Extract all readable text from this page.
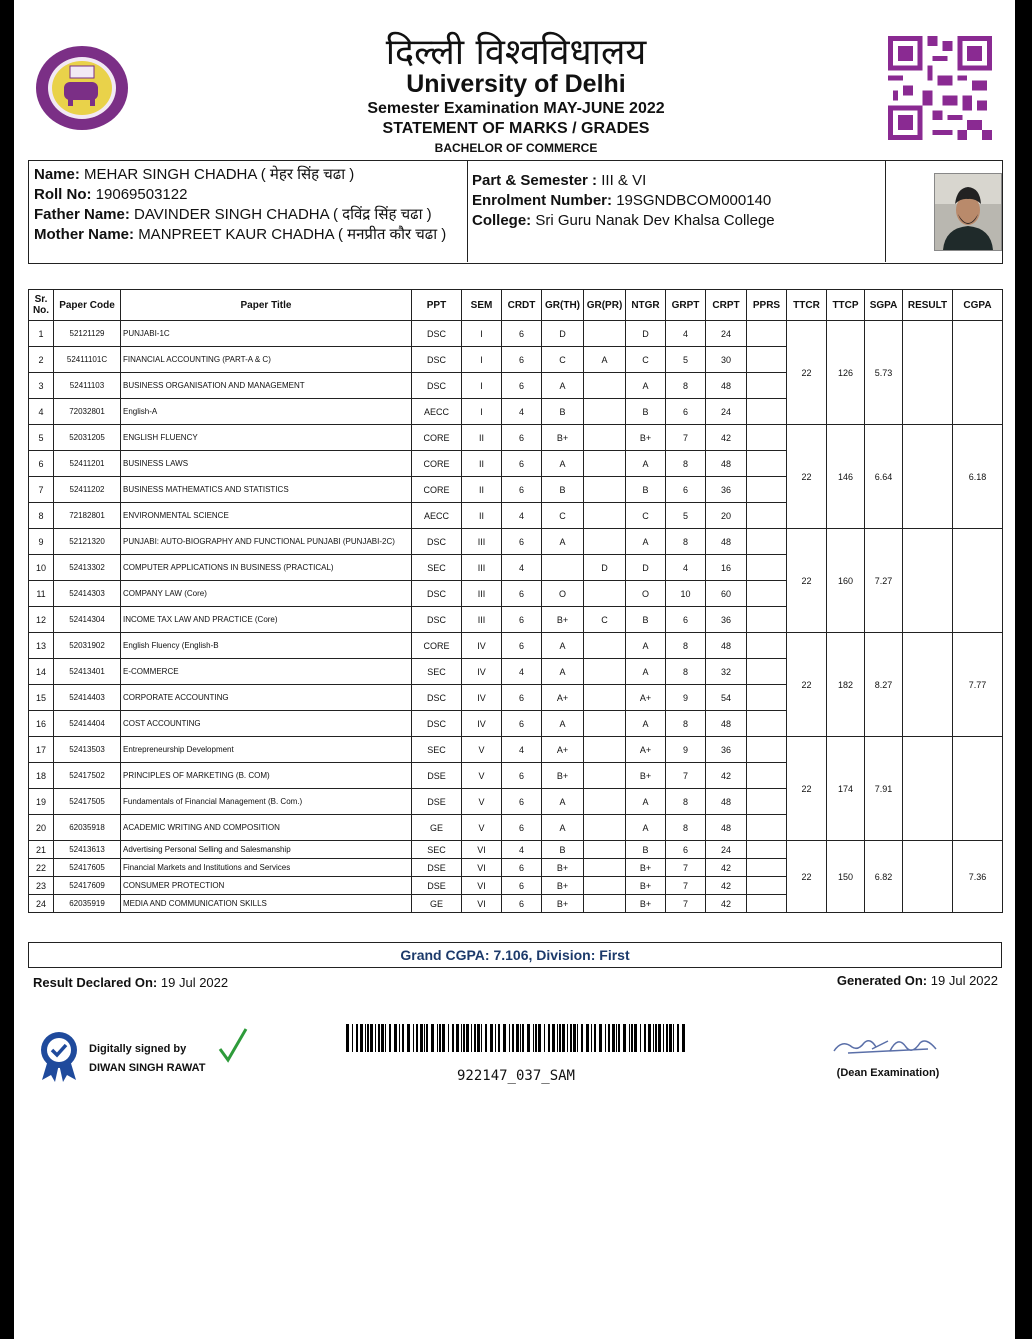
दिल्ली विश्वविधालय
University of Delhi
Semester Examination MAY-JUNE 2022
STATEMENT OF MARKS / GRADES
BACHELOR OF COMMERCE
Name: MEHAR SINGH CHADHA ( मेहर सिंह चढा )
Roll No: 19069503122
Father Name: DAVINDER SINGH CHADHA ( दविंद्र सिंह चढा )
Mother Name: MANPREET KAUR CHADHA ( मनप्रीत कौर चढा )
Part & Semester : III & VI
Enrolment Number: 19SGNDBCOM000140
College: Sri Guru Nanak Dev Khalsa College
Sr. No.	Paper Code	Paper Title	PPT	SEM	CRDT	GR(TH)	GR(PR)	NTGR	GRPT	CRPT	PPRS	TTCR	TTCP	SGPA	RESULT	CGPA
1	52121129	PUNJABI-1C	DSC	I	6	D		D	4	24		22	126	5.73		
2	52411101C	FINANCIAL ACCOUNTING (PART-A & C)	DSC	I	6	C	A	C	5	30						
3	52411103	BUSINESS ORGANISATION AND MANAGEMENT	DSC	I	6	A		A	8	48						
4	72032801	English-A	AECC	I	4	B		B	6	24						
5	52031205	ENGLISH FLUENCY	CORE	II	6	B+		B+	7	42		22	146	6.64		6.18
6	52411201	BUSINESS LAWS	CORE	II	6	A		A	8	48						
7	52411202	BUSINESS MATHEMATICS AND STATISTICS	CORE	II	6	B		B	6	36						
8	72182801	ENVIRONMENTAL SCIENCE	AECC	II	4	C		C	5	20						
9	52121320	PUNJABI: AUTO-BIOGRAPHY AND FUNCTIONAL PUNJABI (PUNJABI-2C)	DSC	III	6	A		A	8	48		22	160	7.27		
10	52413302	COMPUTER APPLICATIONS IN BUSINESS (PRACTICAL)	SEC	III	4		D	D	4	16						
11	52414303	COMPANY LAW (Core)	DSC	III	6	O		O	10	60						
12	52414304	INCOME TAX LAW AND PRACTICE (Core)	DSC	III	6	B+	C	B	6	36						
13	52031902	English Fluency (English-B	CORE	IV	6	A		A	8	48		22	182	8.27		7.77
14	52413401	E-COMMERCE	SEC	IV	4	A		A	8	32						
15	52414403	CORPORATE ACCOUNTING	DSC	IV	6	A+		A+	9	54						
16	52414404	COST ACCOUNTING	DSC	IV	6	A		A	8	48						
17	52413503	Entrepreneurship Development	SEC	V	4	A+		A+	9	36		22	174	7.91		
18	52417502	PRINCIPLES OF MARKETING (B. COM)	DSE	V	6	B+		B+	7	42						
19	52417505	Fundamentals of Financial Management (B. Com.)	DSE	V	6	A		A	8	48						
20	62035918	ACADEMIC WRITING AND COMPOSITION	GE	V	6	A		A	8	48						
21	52413613	Advertising Personal Selling and Salesmanship	SEC	VI	4	B		B	6	24		22	150	6.82		7.36
22	52417605	Financial Markets and Institutions and Services	DSE	VI	6	B+		B+	7	42						
23	52417609	CONSUMER PROTECTION	DSE	VI	6	B+		B+	7	42						
24	62035919	MEDIA AND COMMUNICATION SKILLS	GE	VI	6	B+		B+	7	42						
Grand CGPA: 7.106, Division: First
Result Declared On: 19 Jul 2022	Generated On: 19 Jul 2022
Digitally signed by
DIWAN SINGH RAWAT	922147_037_SAM	(Dean Examination)
